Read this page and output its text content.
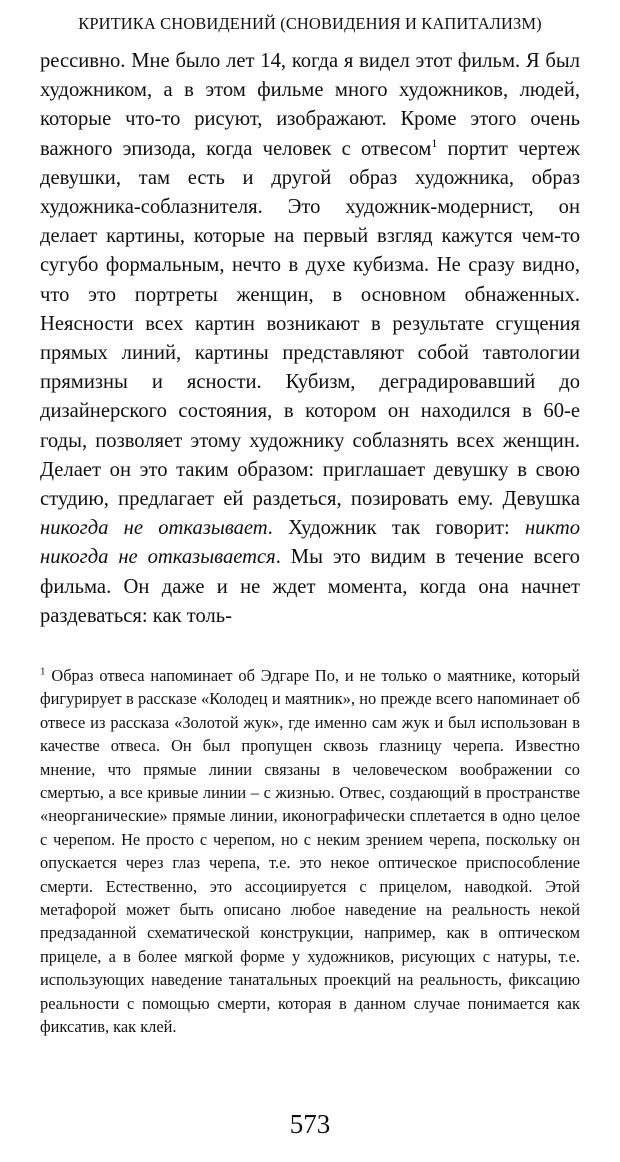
КРИТИКА СНОВИДЕНИЙ (СНОВИДЕНИЯ И КАПИТАЛИЗМ)

рессивно. Мне было лет 14, когда я видел этот фильм. Я был художником, а в этом фильме много художников, людей, которые что-то рисуют, изображают. Кроме этого очень важного эпизода, когда человек с отвесом$^1$ портит чертеж девушки, там есть и другой образ художника, образ художника-соблазнителя. Это художник-модернист, он делает картины, которые на первый взгляд кажутся чем-то сугубо формальным, нечто в духе кубизма. Не сразу видно, что это портреты женщин, в основном обнаженных. Неясности всех картин возникают в результате сгущения прямых линий, картины представляют собой тавтологии прямизны и ясности. Кубизм, деградировавший до дизайнерского состояния, в котором он находился в 60-е годы, позволяет этому художнику соблазнять всех женщин. Делает он это таким образом: приглашает девушку в свою студию, предлагает ей раздеться, позировать ему. Девушка никогда не отказывает. Художник так говорит: никто никогда не отказывается. Мы это видим в течение всего фильма. Он даже и не ждет момента, когда она начнет раздеваться: как толь-

$^1$ Образ отвеса напоминает об Эдгаре По, и не только о маятнике, который фигурирует в рассказе «Колодец и маятник», но прежде всего напоминает об отвесе из рассказа «Золотой жук», где именно сам жук и был использован в качестве отвеса. Он был пропущен сквозь глазницу черепа. Известно мнение, что прямые линии связаны в человеческом воображении со смертью, а все кривые линии – с жизнью. Отвес, создающий в пространстве «неорганические» прямые линии, иконографически сплетается в одно целое с черепом. Не просто с черепом, но с неким зрением черепа, поскольку он опускается через глаз черепа, т.е. это некое оптическое приспособление смерти. Естественно, это ассоциируется с прицелом, наводкой. Этой метафорой может быть описано любое наведение на реальность некой предзаданной схематической конструкции, например, как в оптическом прицеле, а в более мягкой форме у художников, рисующих с натуры, т.е. использующих наведение танатальных проекций на реальность, фиксацию реальности с помощью смерти, которая в данном случае понимается как фиксатив, как клей.

573
